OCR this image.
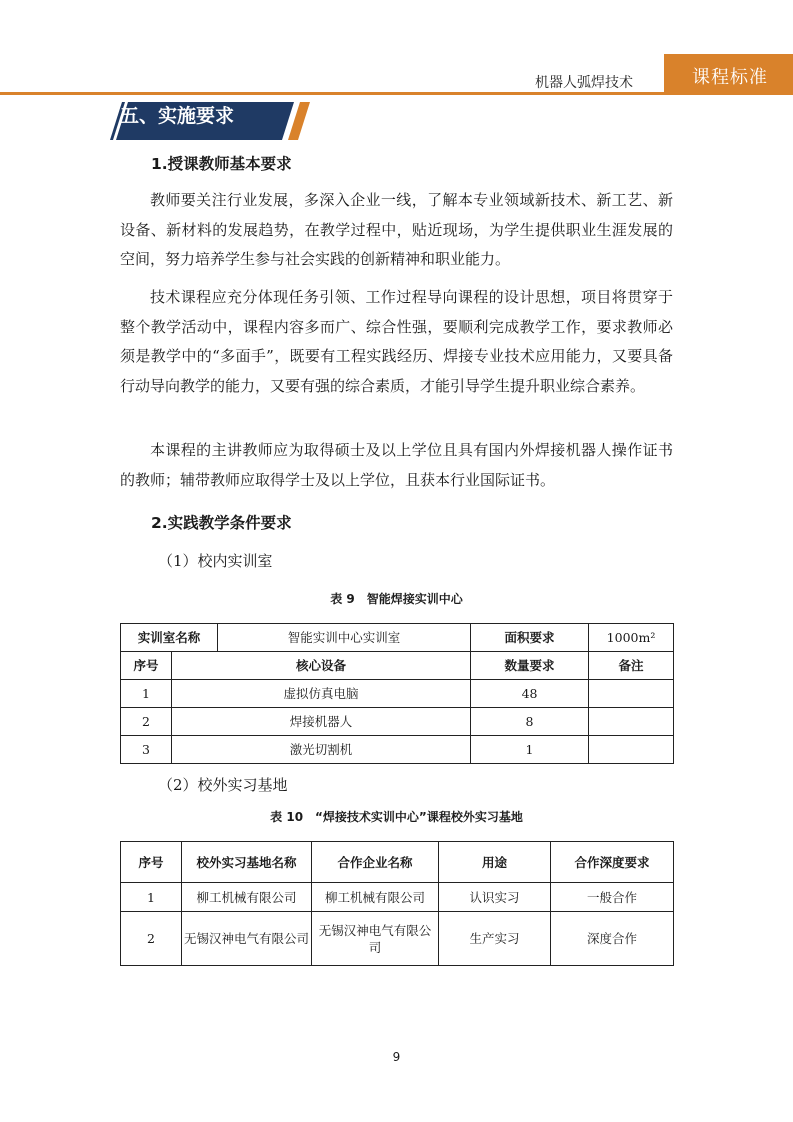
机器人弧焊技术	课程标准
五、实施要求
1.授课教师基本要求

教师要关注行业发展，多深入企业一线，了解本专业领域新技术、新工艺、新设备、新材料的发展趋势，在教学过程中，贴近现场，为学生提供职业生涯发展的空间，努力培养学生参与社会实践的创新精神和职业能力。

技术课程应充分体现任务引领、工作过程导向课程的设计思想，项目将贯穿于整个教学活动中，课程内容多而广、综合性强，要顺利完成教学工作，要求教师必须是教学中的“多面手”，既要有工程实践经历、焊接专业技术应用能力，又要具备行动导向教学的能力，又要有强的综合素质，才能引导学生提升职业综合素养。

本课程的主讲教师应为取得硕士及以上学位且具有国内外焊接机器人操作证书的教师；辅带教师应取得学士及以上学位，且获本行业国际证书。

2.实践教学条件要求
（1）校内实训室
表 9　智能焊接实训中心
实训室名称		智能实训中心实训室	面积要求	1000m²
序号	核心设备		数量要求	备注
1	虚拟仿真电脑		48	
2	焊接机器人		8	
3	激光切割机		1	
（2）校外实习基地
表 10　“焊接技术实训中心”课程校外实习基地
序号	校外实习基地名称	合作企业名称	用途	合作深度要求
1	柳工机械有限公司	柳工机械有限公司	认识实习	一般合作
2	无锡汉神电气有限公司	无锡汉神电气有限公司	生产实习	深度合作
9
